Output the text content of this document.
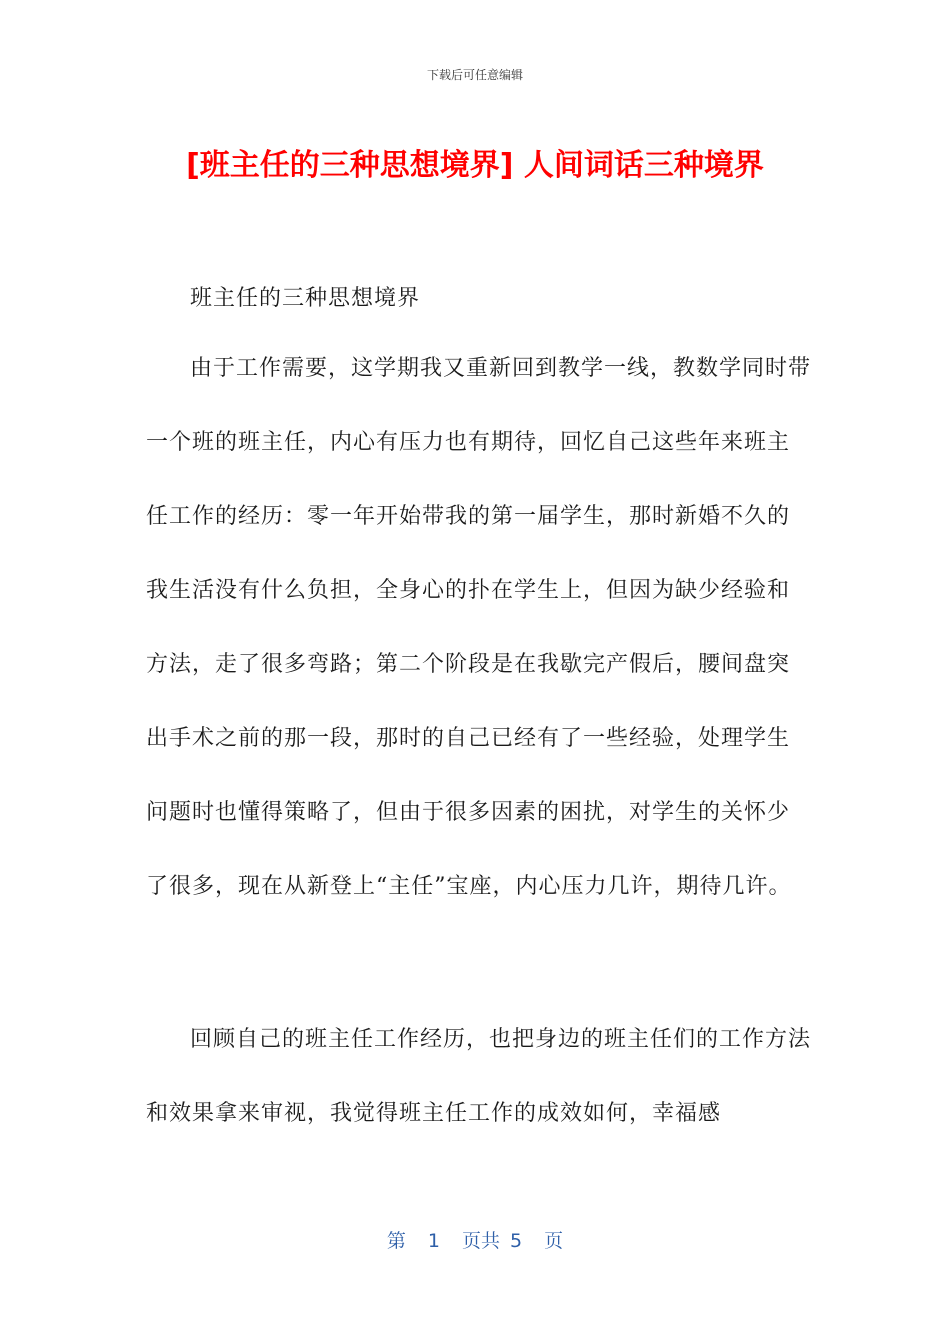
下载后可任意编辑
[班主任的三种思想境界] 人间词话三种境界

班主任的三种思想境界

由于工作需要，这学期我又重新回到教学一线，教数学同时带一个班的班主任，内心有压力也有期待，回忆自己这些年来班主任工作的经历：零一年开始带我的第一届学生，那时新婚不久的我生活没有什么负担，全身心的扑在学生上，但因为缺少经验和方法，走了很多弯路；第二个阶段是在我歇完产假后，腰间盘突出手术之前的那一段，那时的自己已经有了一些经验，处理学生问题时也懂得策略了，但由于很多因素的困扰，对学生的关怀少了很多，现在从新登上“主任”宝座，内心压力几许，期待几许。

回顾自己的班主任工作经历，也把身边的班主任们的工作方法和效果拿来审视，我觉得班主任工作的成效如何，幸福感

第 1 页共 5 页
